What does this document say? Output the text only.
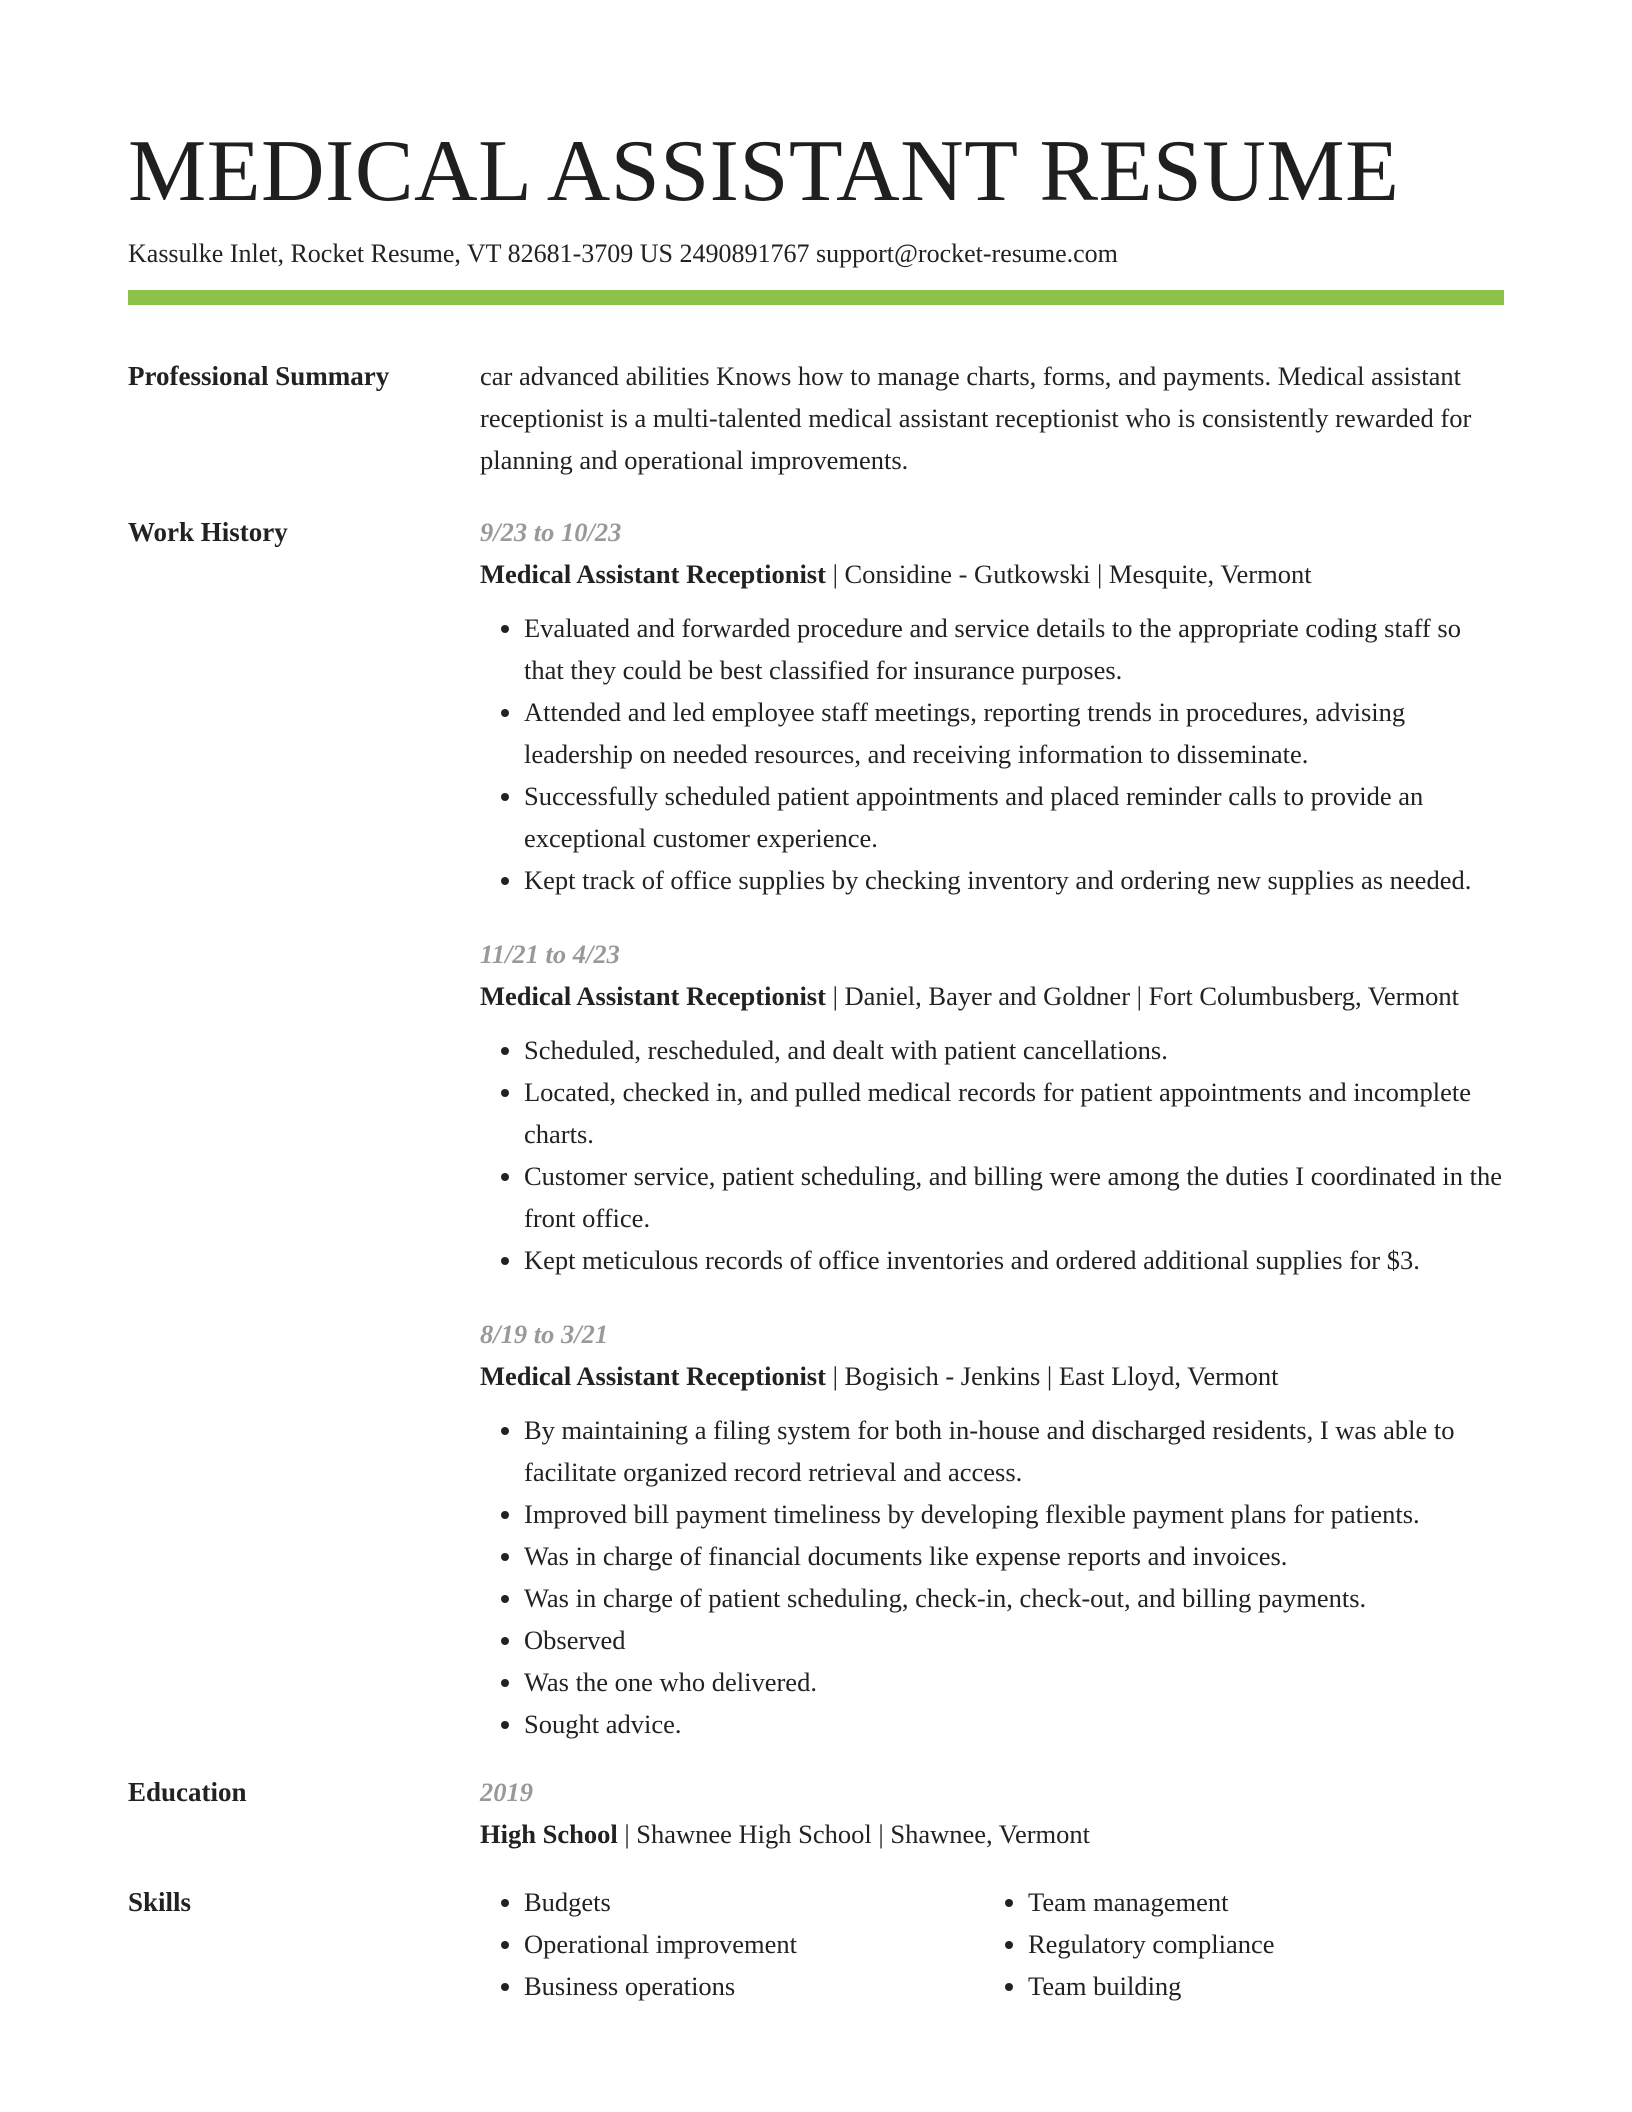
MEDICAL ASSISTANT RESUME
Kassulke Inlet, Rocket Resume, VT 82681-3709 US 2490891767 support@rocket-resume.com
Professional Summary	car advanced abilities Knows how to manage charts, forms, and payments. Medical assistant receptionist is a multi-talented medical assistant receptionist who is consistently rewarded for planning and operational improvements.
Work History	9/23 to 10/23
Medical Assistant Receptionist | Considine - Gutkowski | Mesquite, Vermont
• Evaluated and forwarded procedure and service details to the appropriate coding staff so that they could be best classified for insurance purposes.
• Attended and led employee staff meetings, reporting trends in procedures, advising leadership on needed resources, and receiving information to disseminate.
• Successfully scheduled patient appointments and placed reminder calls to provide an exceptional customer experience.
• Kept track of office supplies by checking inventory and ordering new supplies as needed.
11/21 to 4/23
Medical Assistant Receptionist | Daniel, Bayer and Goldner | Fort Columbusberg, Vermont
• Scheduled, rescheduled, and dealt with patient cancellations.
• Located, checked in, and pulled medical records for patient appointments and incomplete charts.
• Customer service, patient scheduling, and billing were among the duties I coordinated in the front office.
• Kept meticulous records of office inventories and ordered additional supplies for $3.
8/19 to 3/21
Medical Assistant Receptionist | Bogisich - Jenkins | East Lloyd, Vermont
• By maintaining a filing system for both in-house and discharged residents, I was able to facilitate organized record retrieval and access.
• Improved bill payment timeliness by developing flexible payment plans for patients.
• Was in charge of financial documents like expense reports and invoices.
• Was in charge of patient scheduling, check-in, check-out, and billing payments.
• Observed
• Was the one who delivered.
• Sought advice.
Education	2019
High School | Shawnee High School | Shawnee, Vermont
Skills
•	Budgets
• Operational improvement
• Business operations
• Team management
• Regulatory compliance
• Team building
